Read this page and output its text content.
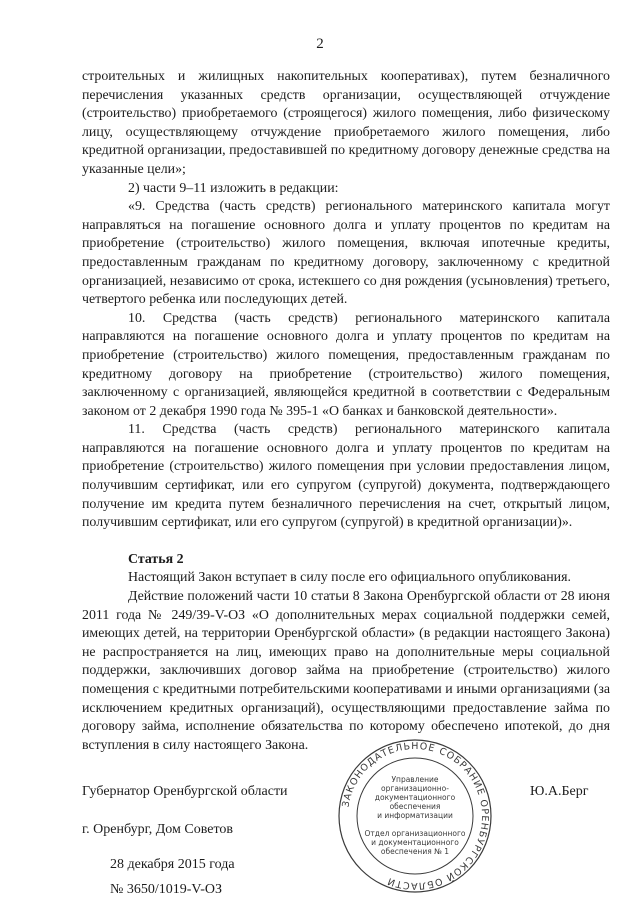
2

строительных и жилищных накопительных кооперативах), путем безналичного перечисления указанных средств организации, осуществляющей отчуждение (строительство) приобретаемого (строящегося) жилого помещения, либо физическому лицу, осуществляющему отчуждение приобретаемого жилого помещения, либо кредитной организации, предоставившей по кредитному договору денежные средства на указанные цели»;

2) части 9–11 изложить в редакции:

«9. Средства (часть средств) регионального материнского капитала могут направляться на погашение основного долга и уплату процентов по кредитам на приобретение (строительство) жилого помещения, включая ипотечные кредиты, предоставленным гражданам по кредитному договору, заключенному с кредитной организацией, независимо от срока, истекшего со дня рождения (усыновления) третьего, четвертого ребенка или последующих детей.

10. Средства (часть средств) регионального материнского капитала направляются на погашение основного долга и уплату процентов по кредитам на приобретение (строительство) жилого помещения, предоставленным гражданам по кредитному договору на приобретение (строительство) жилого помещения, заключенному с организацией, являющейся кредитной в соответствии с Федеральным законом от 2 декабря 1990 года № 395-1 «О банках и банковской деятельности».

11. Средства (часть средств) регионального материнского капитала направляются на погашение основного долга и уплату процентов по кредитам на приобретение (строительство) жилого помещения при условии предоставления лицом, получившим сертификат, или его супругом (супругой) документа, подтверждающего получение им кредита путем безналичного перечисления на счет, открытый лицом, получившим сертификат, или его супругом (супругой) в кредитной организации)».

Статья 2

Настоящий Закон вступает в силу после его официального опубликования.

Действие положений части 10 статьи 8 Закона Оренбургской области от 28 июня 2011 года № 249/39-V-ОЗ «О дополнительных мерах социальной поддержки семей, имеющих детей, на территории Оренбургской области» (в редакции настоящего Закона) не распространяется на лиц, имеющих право на дополнительные меры социальной поддержки, заключивших договор займа на приобретение (строительство) жилого помещения с кредитными потребительскими кооперативами и иными организациями (за исключением кредитных организаций), осуществляющими предоставление займа по договору займа, исполнение обязательства по которому обеспечено ипотекой, до дня вступления в силу настоящего Закона.

Губернатор Оренбургской области	Ю.А.Берг
г. Оренбург, Дом Советов
28 декабря 2015 года
№ 3650/1019-V-ОЗ
ЗАКОНОДАТЕЛЬНОЕ СОБРАНИЕ ОРЕНБУРГСКОЙ ОБЛАСТИ
Управление
организационно-
документационного
обеспечения
и информатизации
Отдел организационного
и документационного
обеспечения № 1
